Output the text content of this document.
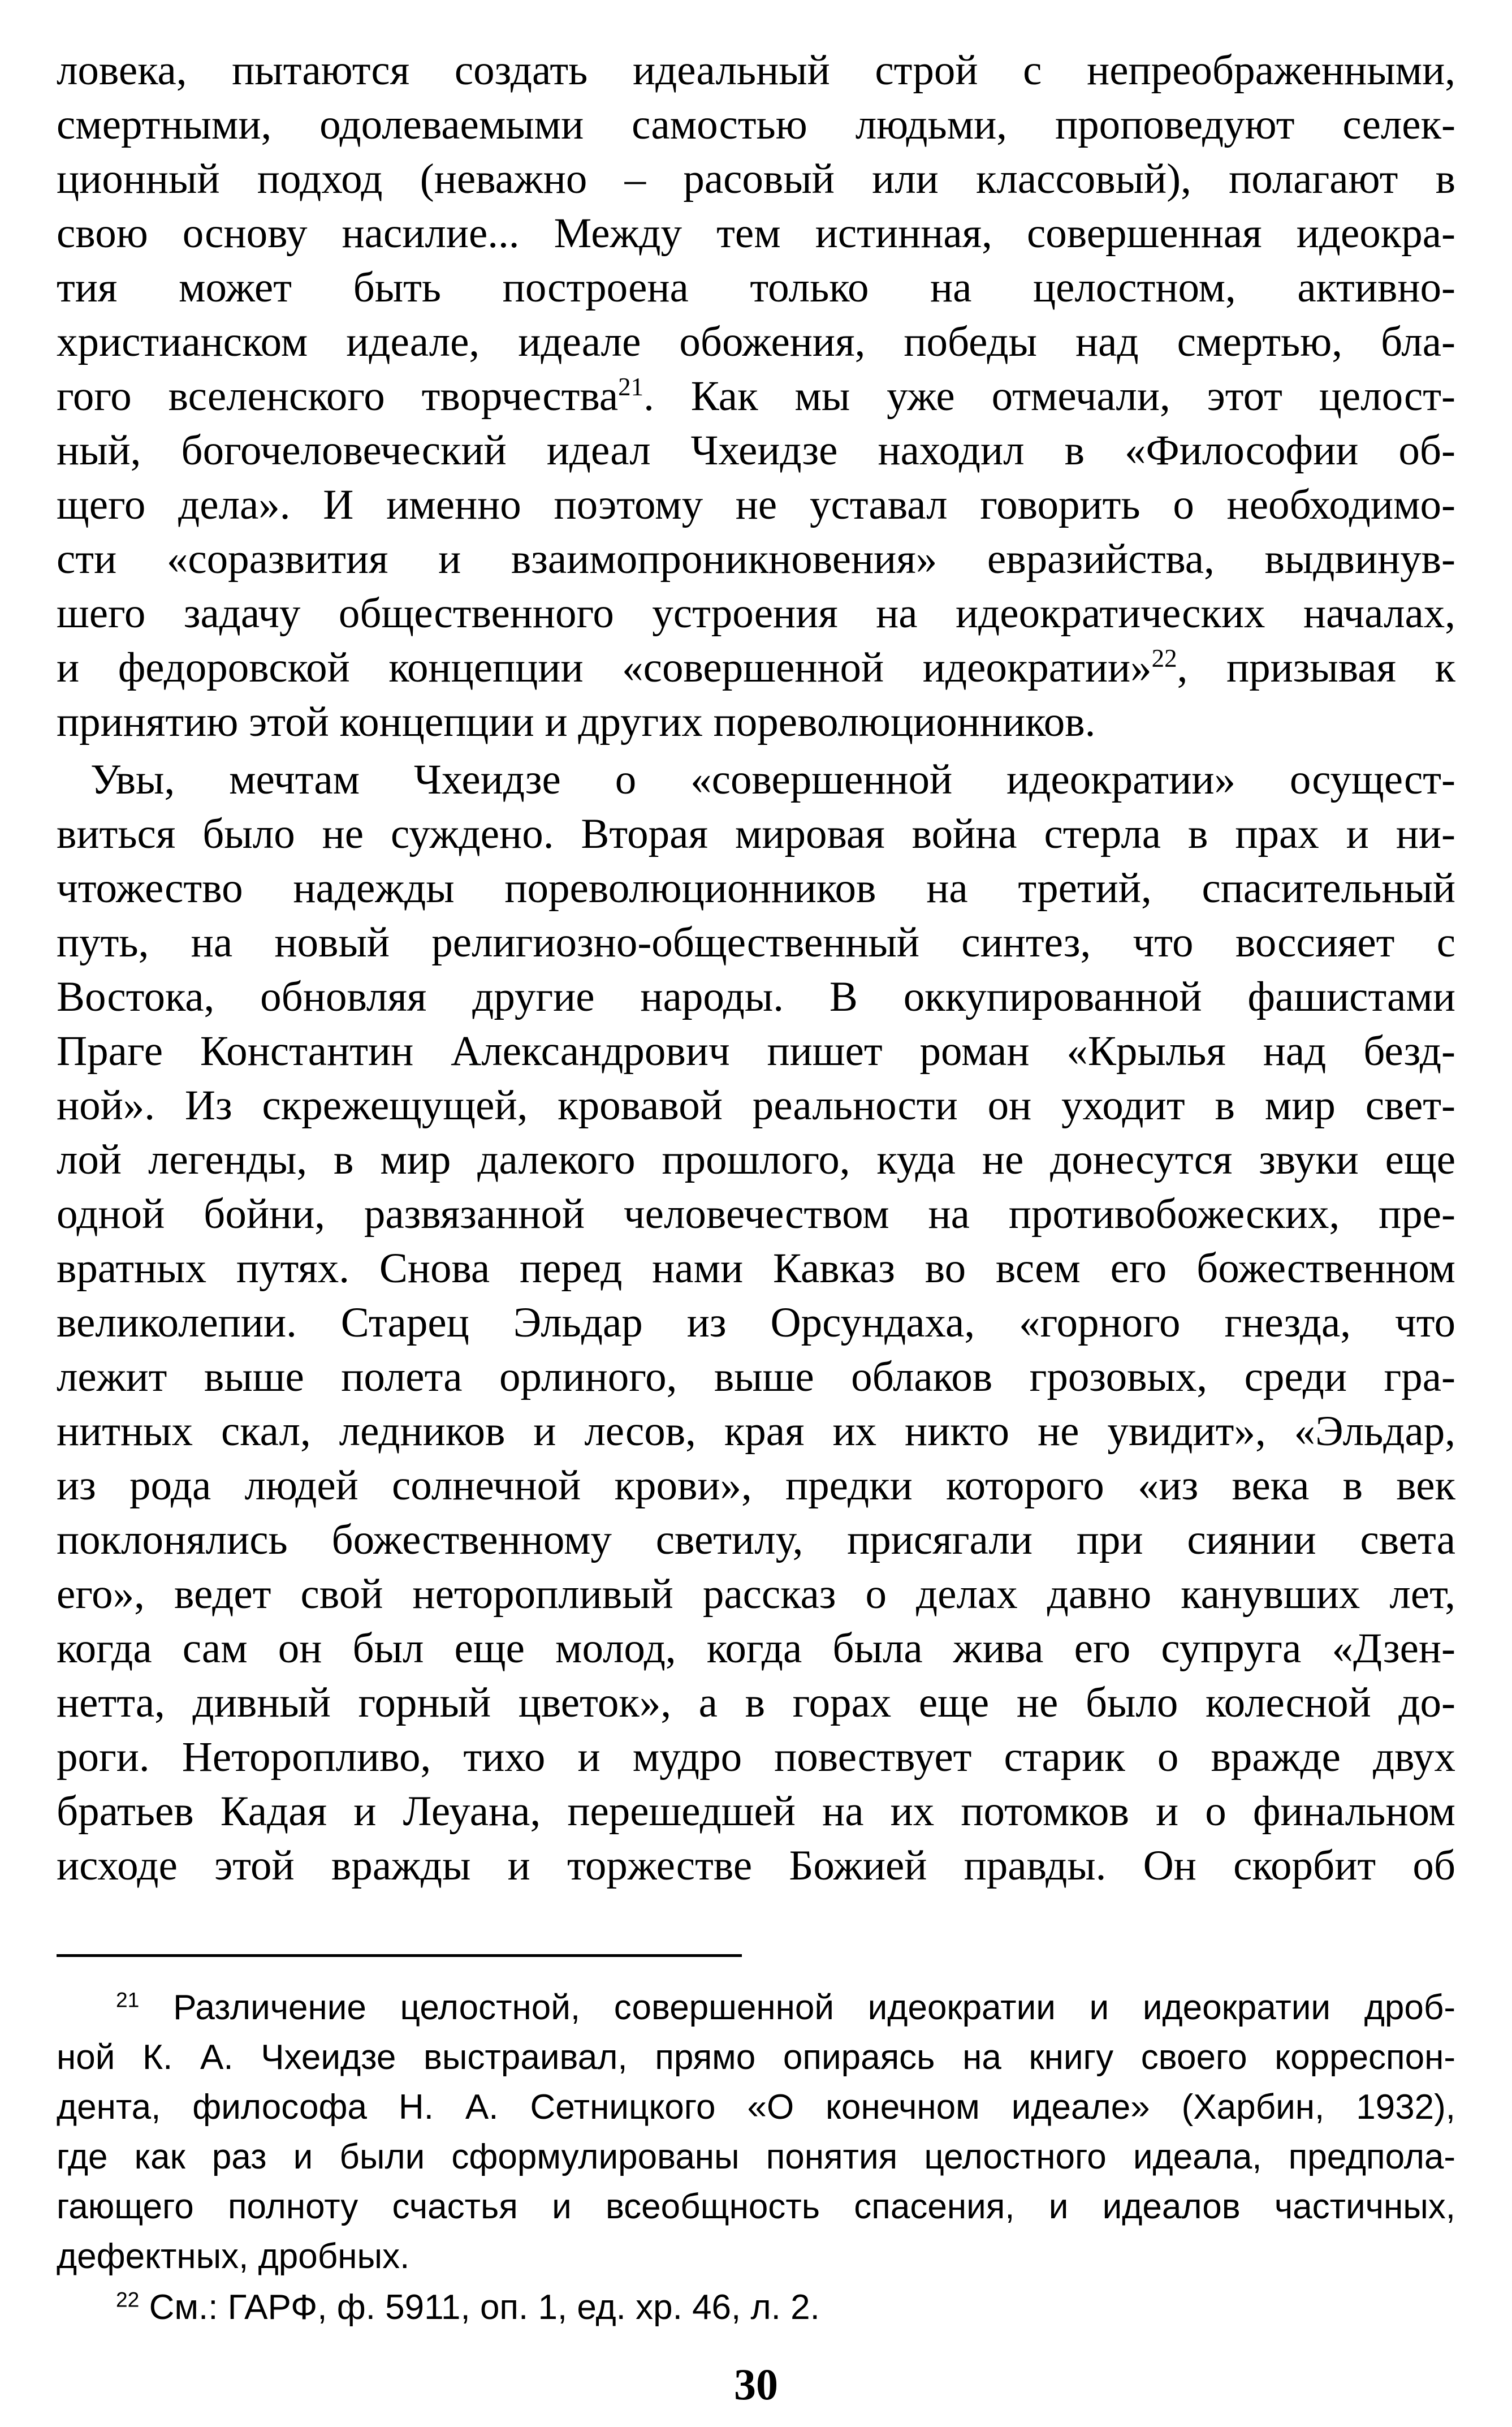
ловека, пытаются создать идеальный строй с непреображенными,
смертными, одолеваемыми самостью людьми, проповедуют селек-
ционный подход (неважно – расовый или классовый), полагают в
свою основу насилие... Между тем истинная, совершенная идеокра-
тия может быть построена только на целостном, активно-
христианском идеале, идеале обожения, победы над смертью, бла-
гого вселенского творчества$^{21}$. Как мы уже отмечали, этот целост-
ный, богочеловеческий идеал Чхеидзе находил в «Философии об-
щего дела». И именно поэтому не уставал говорить о необходимо-
сти «соразвития и взаимопроникновения» евразийства, выдвинув-
шего задачу общественного устроения на идеократических началах,
и федоровской концепции «совершенной идеократии»$^{22}$, призывая к
принятию этой концепции и других пореволюционников.
Увы, мечтам Чхеидзе о «совершенной идеократии» осущест-
виться было не суждено. Вторая мировая война стерла в прах и ни-
чтожество надежды пореволюционников на третий, спасительный
путь, на новый религиозно-общественный синтез, что воссияет с
Востока, обновляя другие народы. В оккупированной фашистами
Праге Константин Александрович пишет роман «Крылья над безд-
ной». Из скрежещущей, кровавой реальности он уходит в мир свет-
лой легенды, в мир далекого прошлого, куда не донесутся звуки еще
одной бойни, развязанной человечеством на противобожеских, пре-
вратных путях. Снова перед нами Кавказ во всем его божественном
великолепии. Старец Эльдар из Орсундаха, «горного гнезда, что
лежит выше полета орлиного, выше облаков грозовых, среди гра-
нитных скал, ледников и лесов, края их никто не увидит», «Эльдар,
из рода людей солнечной крови», предки которого «из века в век
поклонялись божественному светилу, присягали при сиянии света
его», ведет свой неторопливый рассказ о делах давно канувших лет,
когда сам он был еще молод, когда была жива его супруга «Дзен-
нетта, дивный горный цветок», а в горах еще не было колесной до-
роги. Неторопливо, тихо и мудро повествует старик о вражде двух
братьев Кадая и Леуана, перешедшей на их потомков и о финальном
исходе этой вражды и торжестве Божией правды. Он скорбит об
$^{21}$ Различение целостной, совершенной идеократии и идеократии дроб-
ной К. А. Чхеидзе выстраивал, прямо опираясь на книгу своего корреспон-
дента, философа Н. А. Сетницкого «О конечном идеале» (Харбин, 1932),
где как раз и были сформулированы понятия целостного идеала, предпола-
гающего полноту счастья и всеобщность спасения, и идеалов частичных,
дефектных, дробных.
$^{22}$ См.: ГАРФ, ф. 5911, оп. 1, ед. хр. 46, л. 2.
30
